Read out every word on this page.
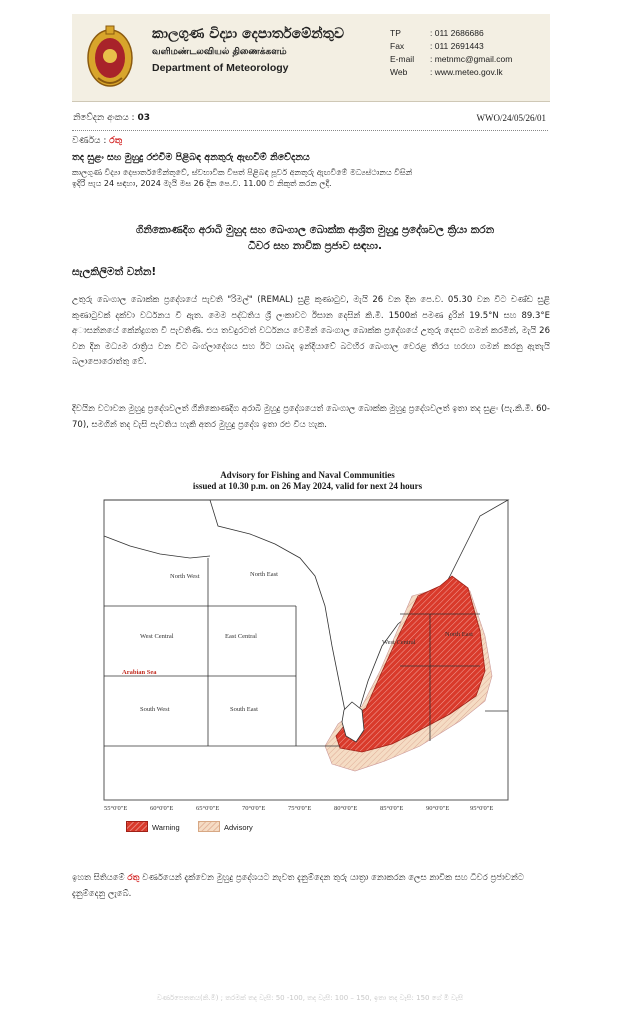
කාලගුණ විද්‍යා දෙපාර්තමේන්තුව
வளிமண்டலவியல் திணைக்களம்
Department of Meteorology
TP	: 011 2686686
Fax	: 011 2691443
E-mail : metnmc@gmail.com
Web	: www.meteo.gov.lk
නිවේදන අංකය : 03	WWO/24/05/26/01
වර්ණය : රතු
තද සුළං සහ මුහුදු රළුවීම පිළිබඳ අනතුරු ඇඟවීම් නිවේදනය
කාලගුණ විද්‍යා දෙපාර්තමේන්තුවේ, ස්වභාවික විපත් පිළිබඳ පූර්ව අනතුරු ඇඟවීමේ මධ්‍යස්ථානය විසින්
ඉදිරි පැය 24 සඳහා, 2024 මැයි මස 26 දින පෙ.ව. 11.00 ට නිකුත් කරන ලදී.
ගිනිකොණදිග අරාබි මුහුද සහ බෙංගාල බොක්ක ආශ්‍රිත මුහුදු ප්‍රදේශවල ක්‍රියා කරන
ධීවර සහ නාවික ප්‍රජාව සඳහා.
සැලකිලිමත් වන්න!
උතුරු බෙංගාල බොක්ක ප්‍රදේශයේ පැවති "රිමල්" (REMAL) සුළි කුණාටුව, මැයි 26 වන දින පෙ.ව. 05.30 වන විට චණ්ඩ සුළි කුණාටුවක් දක්වා වර්ධනය වී ඇත. මෙම පද්ධතිය ශ්‍රී ලංකාවට ඊසාන දෙසින් කි.මී. 1500ක් පමණ දුරින් 19.5°N සහ 89.3°E අාසන්නයේ කේන්ද්‍රගත වී පැවතිණි. එය තවදුරටත් වර්ධනය වෙමින් බෙංගාල බොක්ක ප්‍රදේශයේ උතුරු දෙසට ගමන් කරමින්, මැයි 26 වන දින මධ්‍යම රාත්‍රිය වන විට බංග්ලාදේශය සහ ඊට යාබද ඉන්දියාවේ බටහිර බෙංගාල වෙරළ තීරය හරහා ගමන් කරනු ඇතැයි බලාපොරොත්තු වේ.
දිවයින වටාවන මුහුදු ප්‍රදේශවලත් ගිනිකොණදිග අරාබි මුහුදු ප්‍රදේශයෙත් බෙංගාල බොක්ක මුහුදු ප්‍රදේශවලත් ඉතා තද සුළං (පැ.කි.මී. 60-70), සමගින් තද වැසි පැවතිය හැකි අතර මුහුදු ප්‍රදේශ ඉතා රළු විය හැක.
Advisory for Fishing and Naval Communities
issued at 10.30 p.m. on 26 May 2024, valid for next 24 hours
North West	North East
West Central	East Central
South West	South East
Arabian Sea
West Central
North East
55°0'0"E	60°0'0"E	65°0'0"E	70°0'0"E	75°0'0"E	80°0'0"E	85°0'0"E	90°0'0"E	95°0'0"E
Warning	Advisory
ඉහත සිතියමේ රතු වර්ණයෙන් දැක්වෙන මුහුදු ප්‍රදේශයට නැවත දැනුම්දෙන තුරු යාත්‍රා නොකරන ලෙස නාවික සහ ධීවර ප්‍රජාවන්ට දැනුම්දෙනු ලැබේ.
වර්ණපෙතතය(කි.මී) ; තරමක් තද වැසි: 50 -100, තද වැසි: 100 – 150, ඉතා තද වැසි: 150 ගේ මි වැසි
